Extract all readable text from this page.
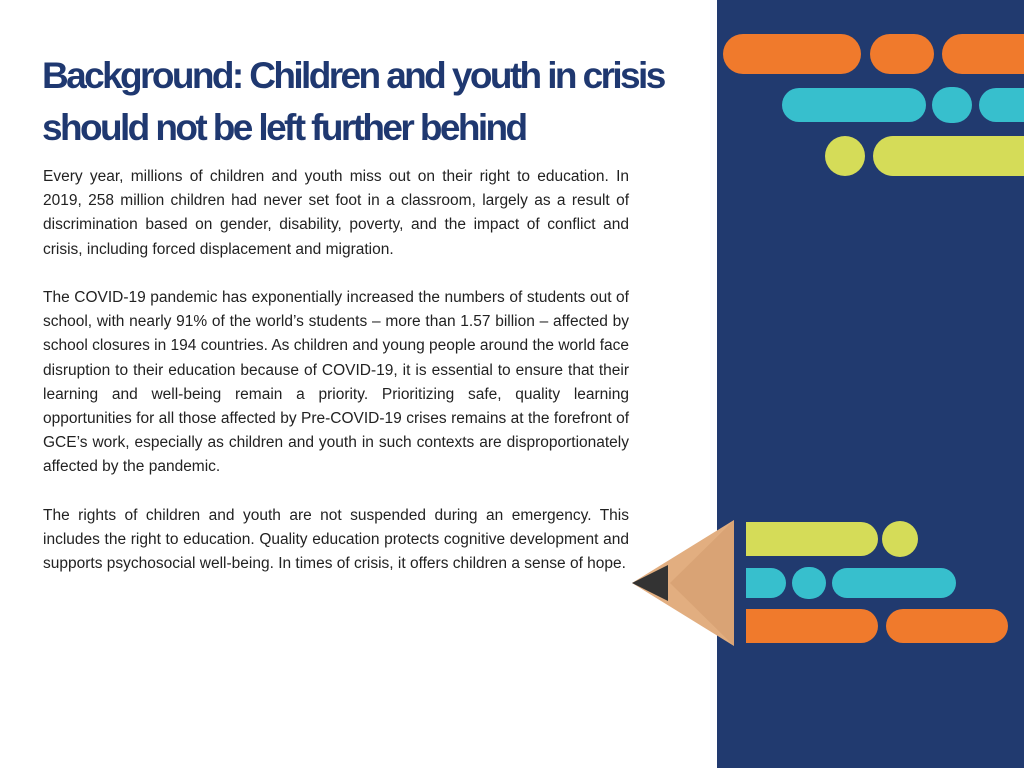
Background: Children and youth in crisis
should not be left further behind

Every year, millions of children and youth miss out on their right to education. In 2019, 258 million children had never set foot in a classroom, largely as a result of discrimination based on gender, disability, poverty, and the impact of conflict and crisis, including forced displacement and migration.

The COVID-19 pandemic has exponentially increased the numbers of students out of school, with nearly 91% of the world’s students – more than 1.57 billion – affected by school closures in 194 countries. As children and young people around the world face disruption to their education because of COVID-19, it is essential to ensure that their learning and well-being remain a priority. Prioritizing safe, quality learning opportunities for all those affected by Pre-COVID-19 crises remains at the forefront of GCE’s work, especially as children and youth in such contexts are disproportionately affected by the pandemic.

The rights of children and youth are not suspended during an emergency. This includes the right to education. Quality education protects cognitive development and supports psychosocial well-being. In times of crisis, it offers children a sense of hope.
